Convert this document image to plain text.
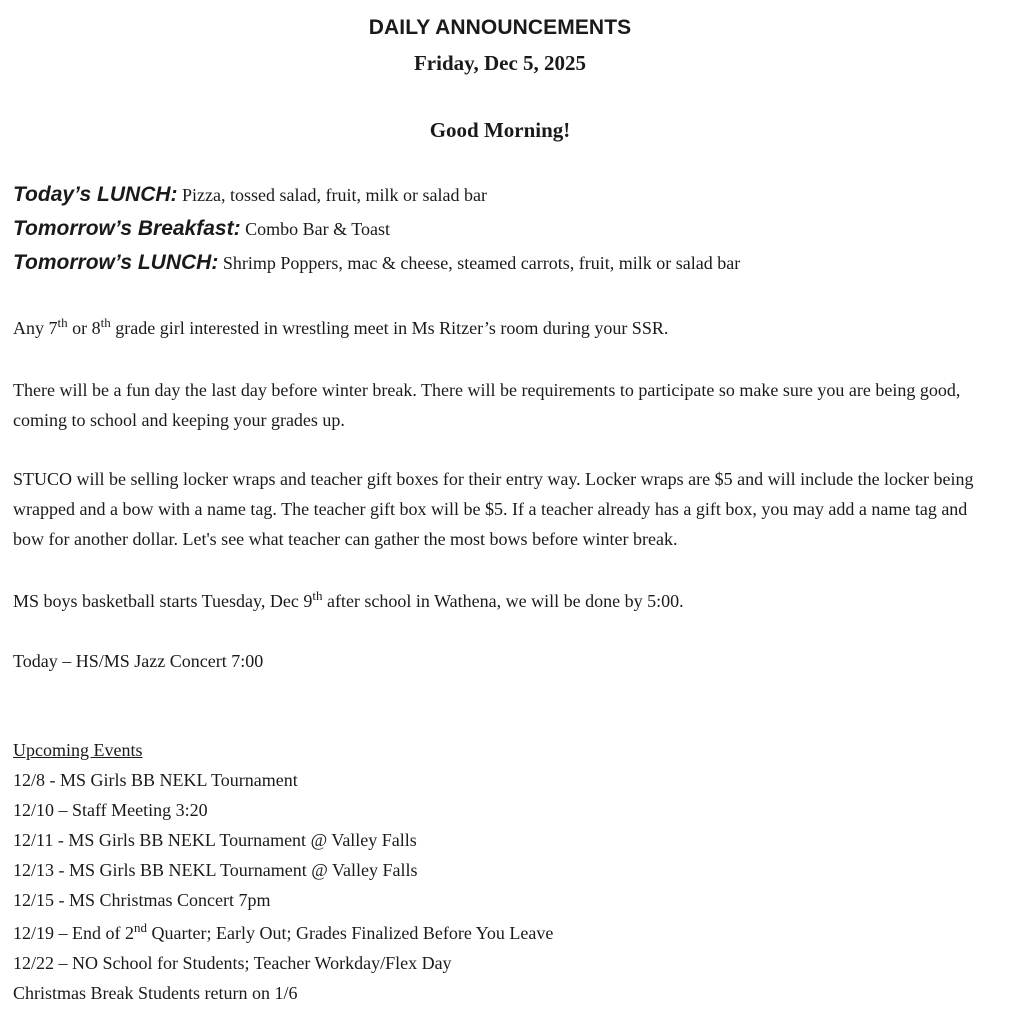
DAILY ANNOUNCEMENTS
Friday, Dec 5, 2025
Good Morning!
Today’s LUNCH: Pizza, tossed salad, fruit, milk or salad bar
Tomorrow’s Breakfast: Combo Bar & Toast
Tomorrow’s LUNCH: Shrimp Poppers, mac & cheese, steamed carrots, fruit, milk or salad bar
Any 7th or 8th grade girl interested in wrestling meet in Ms Ritzer’s room during your SSR.
There will be a fun day the last day before winter break. There will be requirements to participate so make sure you are being good, coming to school and keeping your grades up.
STUCO will be selling locker wraps and teacher gift boxes for their entry way. Locker wraps are $5 and will include the locker being wrapped and a bow with a name tag. The teacher gift box will be $5. If a teacher already has a gift box, you may add a name tag and bow for another dollar. Let's see what teacher can gather the most bows before winter break.
MS boys basketball starts Tuesday, Dec 9th after school in Wathena, we will be done by 5:00.
Today – HS/MS Jazz Concert 7:00
Upcoming Events
12/8 - MS Girls BB NEKL Tournament
12/10 – Staff Meeting 3:20
12/11 - MS Girls BB NEKL Tournament @ Valley Falls
12/13 - MS Girls BB NEKL Tournament @ Valley Falls
12/15 - MS Christmas Concert 7pm
12/19 – End of 2nd Quarter; Early Out; Grades Finalized Before You Leave
12/22 – NO School for Students; Teacher Workday/Flex Day
Christmas Break Students return on 1/6
